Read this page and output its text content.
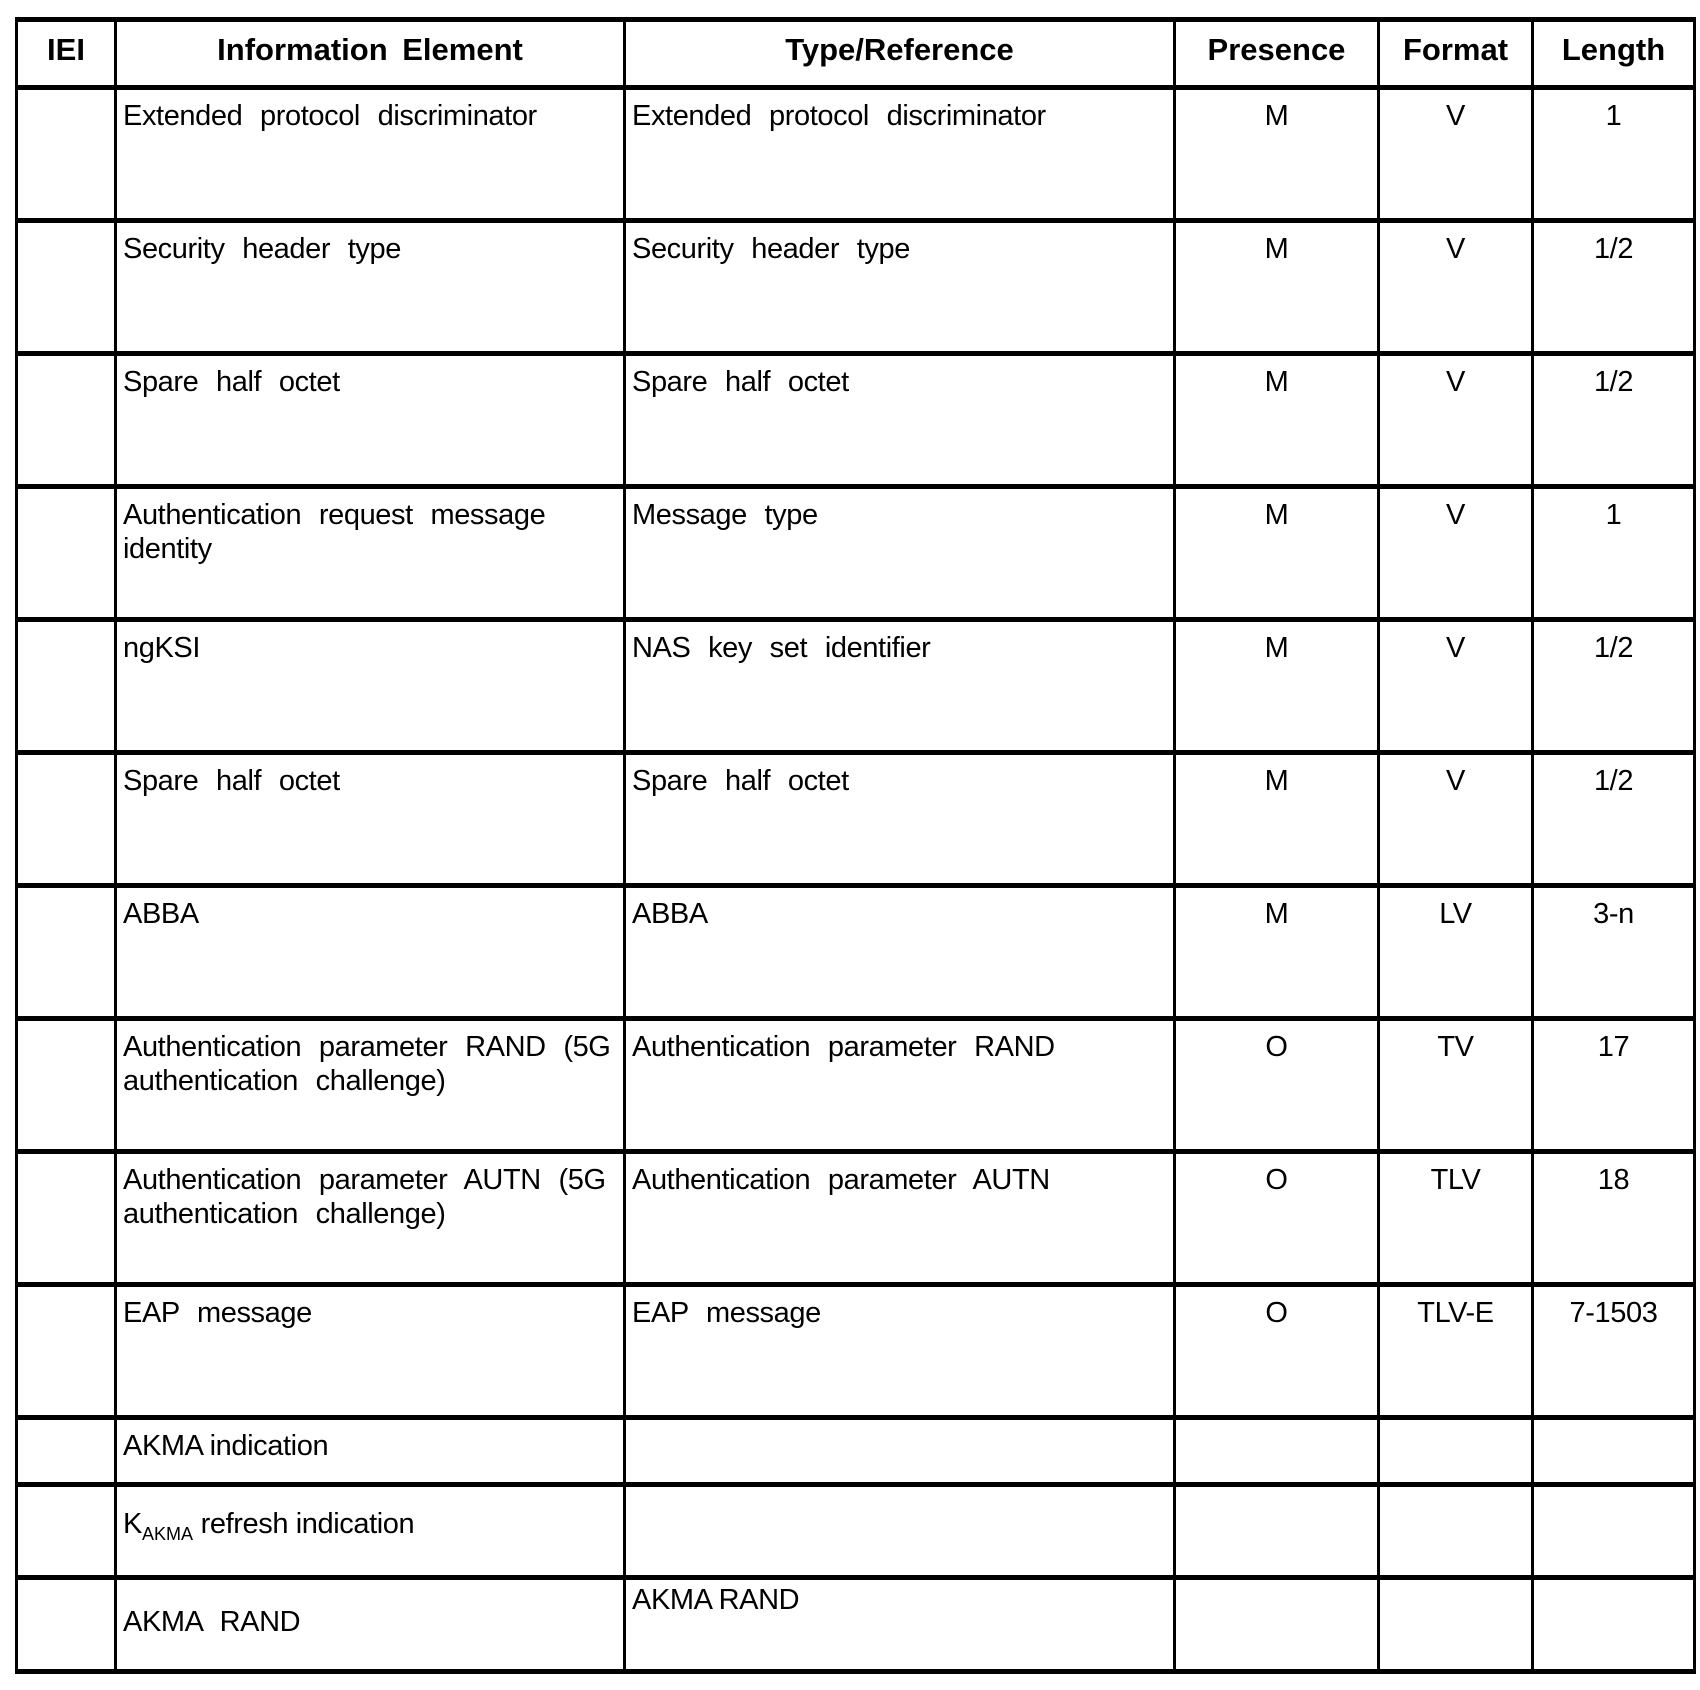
IEI	Information Element	Type/Reference	Presence	Format	Length
	Extended protocol discriminator	Extended protocol discriminator	M	V	1
	Security header type	Security header type	M	V	1/2
	Spare half octet	Spare half octet	M	V	1/2
	Authentication request message identity	Message type	M	V	1
	ngKSI	NAS key set identifier	M	V	1/2
	Spare half octet	Spare half octet	M	V	1/2
	ABBA	ABBA	M	LV	3-n
	Authentication parameter RAND (5G authentication challenge)	Authentication parameter RAND	O	TV	17
	Authentication parameter AUTN (5G authentication challenge)	Authentication parameter AUTN	O	TLV	18
	EAP message	EAP message	O	TLV-E	7-1503
	AKMA indication				
	$K_{AKMA}$ refresh indication				
	AKMA RAND	AKMA RAND			
